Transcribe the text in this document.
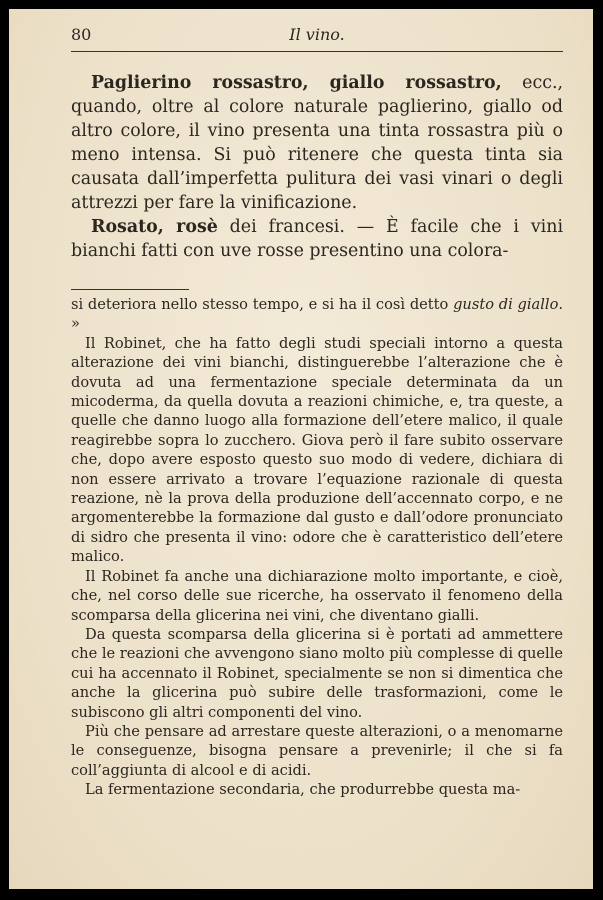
80	Il vino.

Paglierino rossastro, giallo rossastro, ecc., quando, oltre al colore naturale paglierino, giallo od altro colore, il vino presenta una tinta rossastra più o meno intensa. Si può ritenere che questa tinta sia causata dall’imperfetta pulitura dei vasi vinari o degli attrezzi per fare la vinificazione.

Rosato, rosè dei francesi. — È facile che i vini bianchi fatti con uve rosse presentino una colora-

si deteriora nello stesso tempo, e si ha il così detto gusto di giallo. »

Il Robinet, che ha fatto degli studi speciali intorno a questa alterazione dei vini bianchi, distinguerebbe l’alterazione che è dovuta ad una fermentazione speciale determinata da un micoderma, da quella dovuta a reazioni chimiche, e, tra queste, a quelle che danno luogo alla formazione dell’etere malico, il quale reagirebbe sopra lo zucchero. Giova però il fare subito osservare che, dopo avere esposto questo suo modo di vedere, dichiara di non essere arrivato a trovare l’equazione razionale di questa reazione, nè la prova della produzione dell’accennato corpo, e ne argomenterebbe la formazione dal gusto e dall’odore pronunciato di sidro che presenta il vino: odore che è caratteristico dell’etere malico.

Il Robinet fa anche una dichiarazione molto importante, e cioè, che, nel corso delle sue ricerche, ha osservato il fenomeno della scomparsa della glicerina nei vini, che diventano gialli.

Da questa scomparsa della glicerina si è portati ad ammettere che le reazioni che avvengono siano molto più complesse di quelle cui ha accennato il Robinet, specialmente se non si dimentica che anche la glicerina può subire delle trasformazioni, come le subiscono gli altri componenti del vino.

Più che pensare ad arrestare queste alterazioni, o a menomarne le conseguenze, bisogna pensare a prevenirle; il che si fa coll’aggiunta di alcool e di acidi.

La fermentazione secondaria, che produrrebbe questa ma-
